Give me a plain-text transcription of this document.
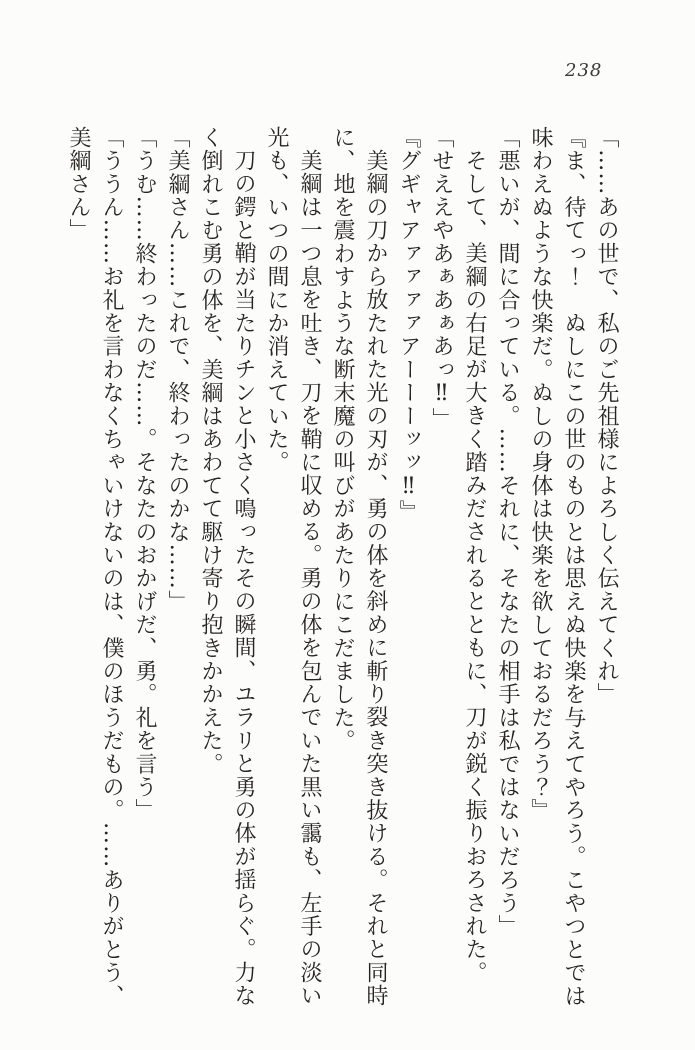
238
「……あの世で、私のご先祖様によろしく伝えてくれ」
『ま、待てっ！　ぬしにこの世のものとは思えぬ快楽を与えてやろう。こやつとでは
味わえぬような快楽だ。ぬしの身体は快楽を欲しておるだろう？』
「悪いが、間に合っている。……それに、そなたの相手は私ではないだろう」
そして、美綱の右足が大きく踏みだされるとともに、刀が鋭く振りおろされた。
「せええやあぁあぁあっ‼」
『グギャアァァァァアーーーッッ‼』
美綱の刀から放たれた光の刃が、勇の体を斜めに斬り裂き突き抜ける。それと同時
に、地を震わすような断末魔の叫びがあたりにこだました。
美綱は一つ息を吐き、刀を鞘に収める。勇の体を包んでいた黒い靄も、左手の淡い
光も、いつの間にか消えていた。
刀の鍔と鞘が当たりチンと小さく鳴ったその瞬間、ユラリと勇の体が揺らぐ。力な
く倒れこむ勇の体を、美綱はあわてて駆け寄り抱きかかえた。
「美綱さん……これで、終わったのかな……」
「うむ……終わったのだ……。そなたのおかげだ、勇。礼を言う」
「ううん……お礼を言わなくちゃいけないのは、僕のほうだもの。……ありがとう、
美綱さん」
